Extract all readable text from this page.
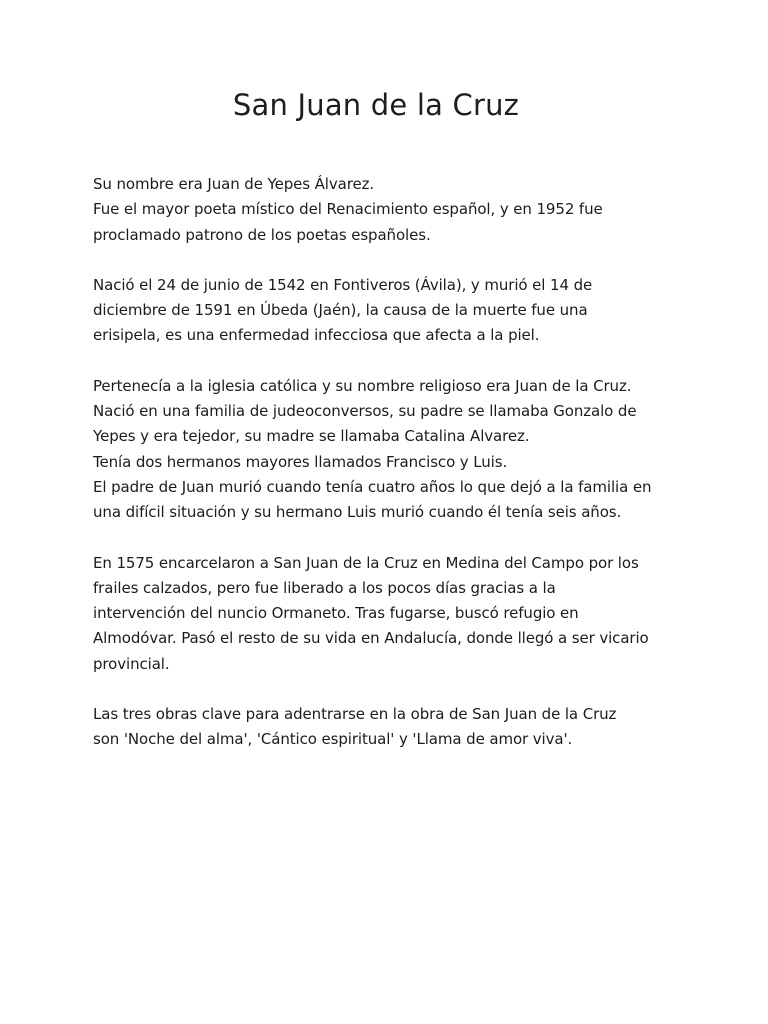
San Juan de la Cruz
Su nombre era Juan de Yepes Álvarez.
Fue el mayor poeta místico del Renacimiento español, y en 1952 fue
proclamado patrono de los poetas españoles.
Nació el 24 de junio de 1542 en Fontiveros (Ávila), y murió el 14 de
diciembre de 1591 en Úbeda (Jaén), la causa de la muerte fue una
erisipela, es una enfermedad infecciosa que afecta a la piel.
Pertenecía a la iglesia católica y su nombre religioso era Juan de la Cruz.
Nació en una familia de judeoconversos, su padre se llamaba Gonzalo de
Yepes y era tejedor, su madre se llamaba Catalina Alvarez.
Tenía dos hermanos mayores llamados Francisco y Luis.
El padre de Juan murió cuando tenía cuatro años lo que dejó a la familia en
una difícil situación y su hermano Luis murió cuando él tenía seis años.
En 1575 encarcelaron a San Juan de la Cruz en Medina del Campo por los
frailes calzados, pero fue liberado a los pocos días gracias a la
intervención del nuncio Ormaneto. Tras fugarse, buscó refugio en
Almodóvar. Pasó el resto de su vida en Andalucía, donde llegó a ser vicario
provincial.
Las tres obras clave para adentrarse en la obra de San Juan de la Cruz
son 'Noche del alma', 'Cántico espiritual' y 'Llama de amor viva'.
